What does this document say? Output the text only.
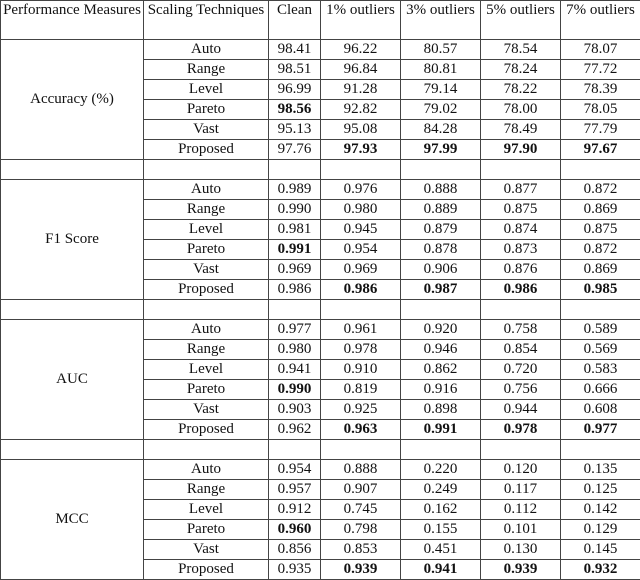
Performance Measures	Scaling Techniques	Clean	1% outliers	3% outliers	5% outliers	7% outliers
Accuracy (%)	Auto	98.41	96.22	80.57	78.54	78.07
	Range	98.51	96.84	80.81	78.24	77.72
	Level	96.99	91.28	79.14	78.22	78.39
	Pareto	98.56	92.82	79.02	78.00	78.05
	Vast	95.13	95.08	84.28	78.49	77.79
	Proposed	97.76	97.93	97.99	97.90	97.67

F1 Score	Auto	0.989	0.976	0.888	0.877	0.872
	Range	0.990	0.980	0.889	0.875	0.869
	Level	0.981	0.945	0.879	0.874	0.875
	Pareto	0.991	0.954	0.878	0.873	0.872
	Vast	0.969	0.969	0.906	0.876	0.869
	Proposed	0.986	0.986	0.987	0.986	0.985

AUC	Auto	0.977	0.961	0.920	0.758	0.589
	Range	0.980	0.978	0.946	0.854	0.569
	Level	0.941	0.910	0.862	0.720	0.583
	Pareto	0.990	0.819	0.916	0.756	0.666
	Vast	0.903	0.925	0.898	0.944	0.608
	Proposed	0.962	0.963	0.991	0.978	0.977

MCC	Auto	0.954	0.888	0.220	0.120	0.135
	Range	0.957	0.907	0.249	0.117	0.125
	Level	0.912	0.745	0.162	0.112	0.142
	Pareto	0.960	0.798	0.155	0.101	0.129
	Vast	0.856	0.853	0.451	0.130	0.145
	Proposed	0.935	0.939	0.941	0.939	0.932
